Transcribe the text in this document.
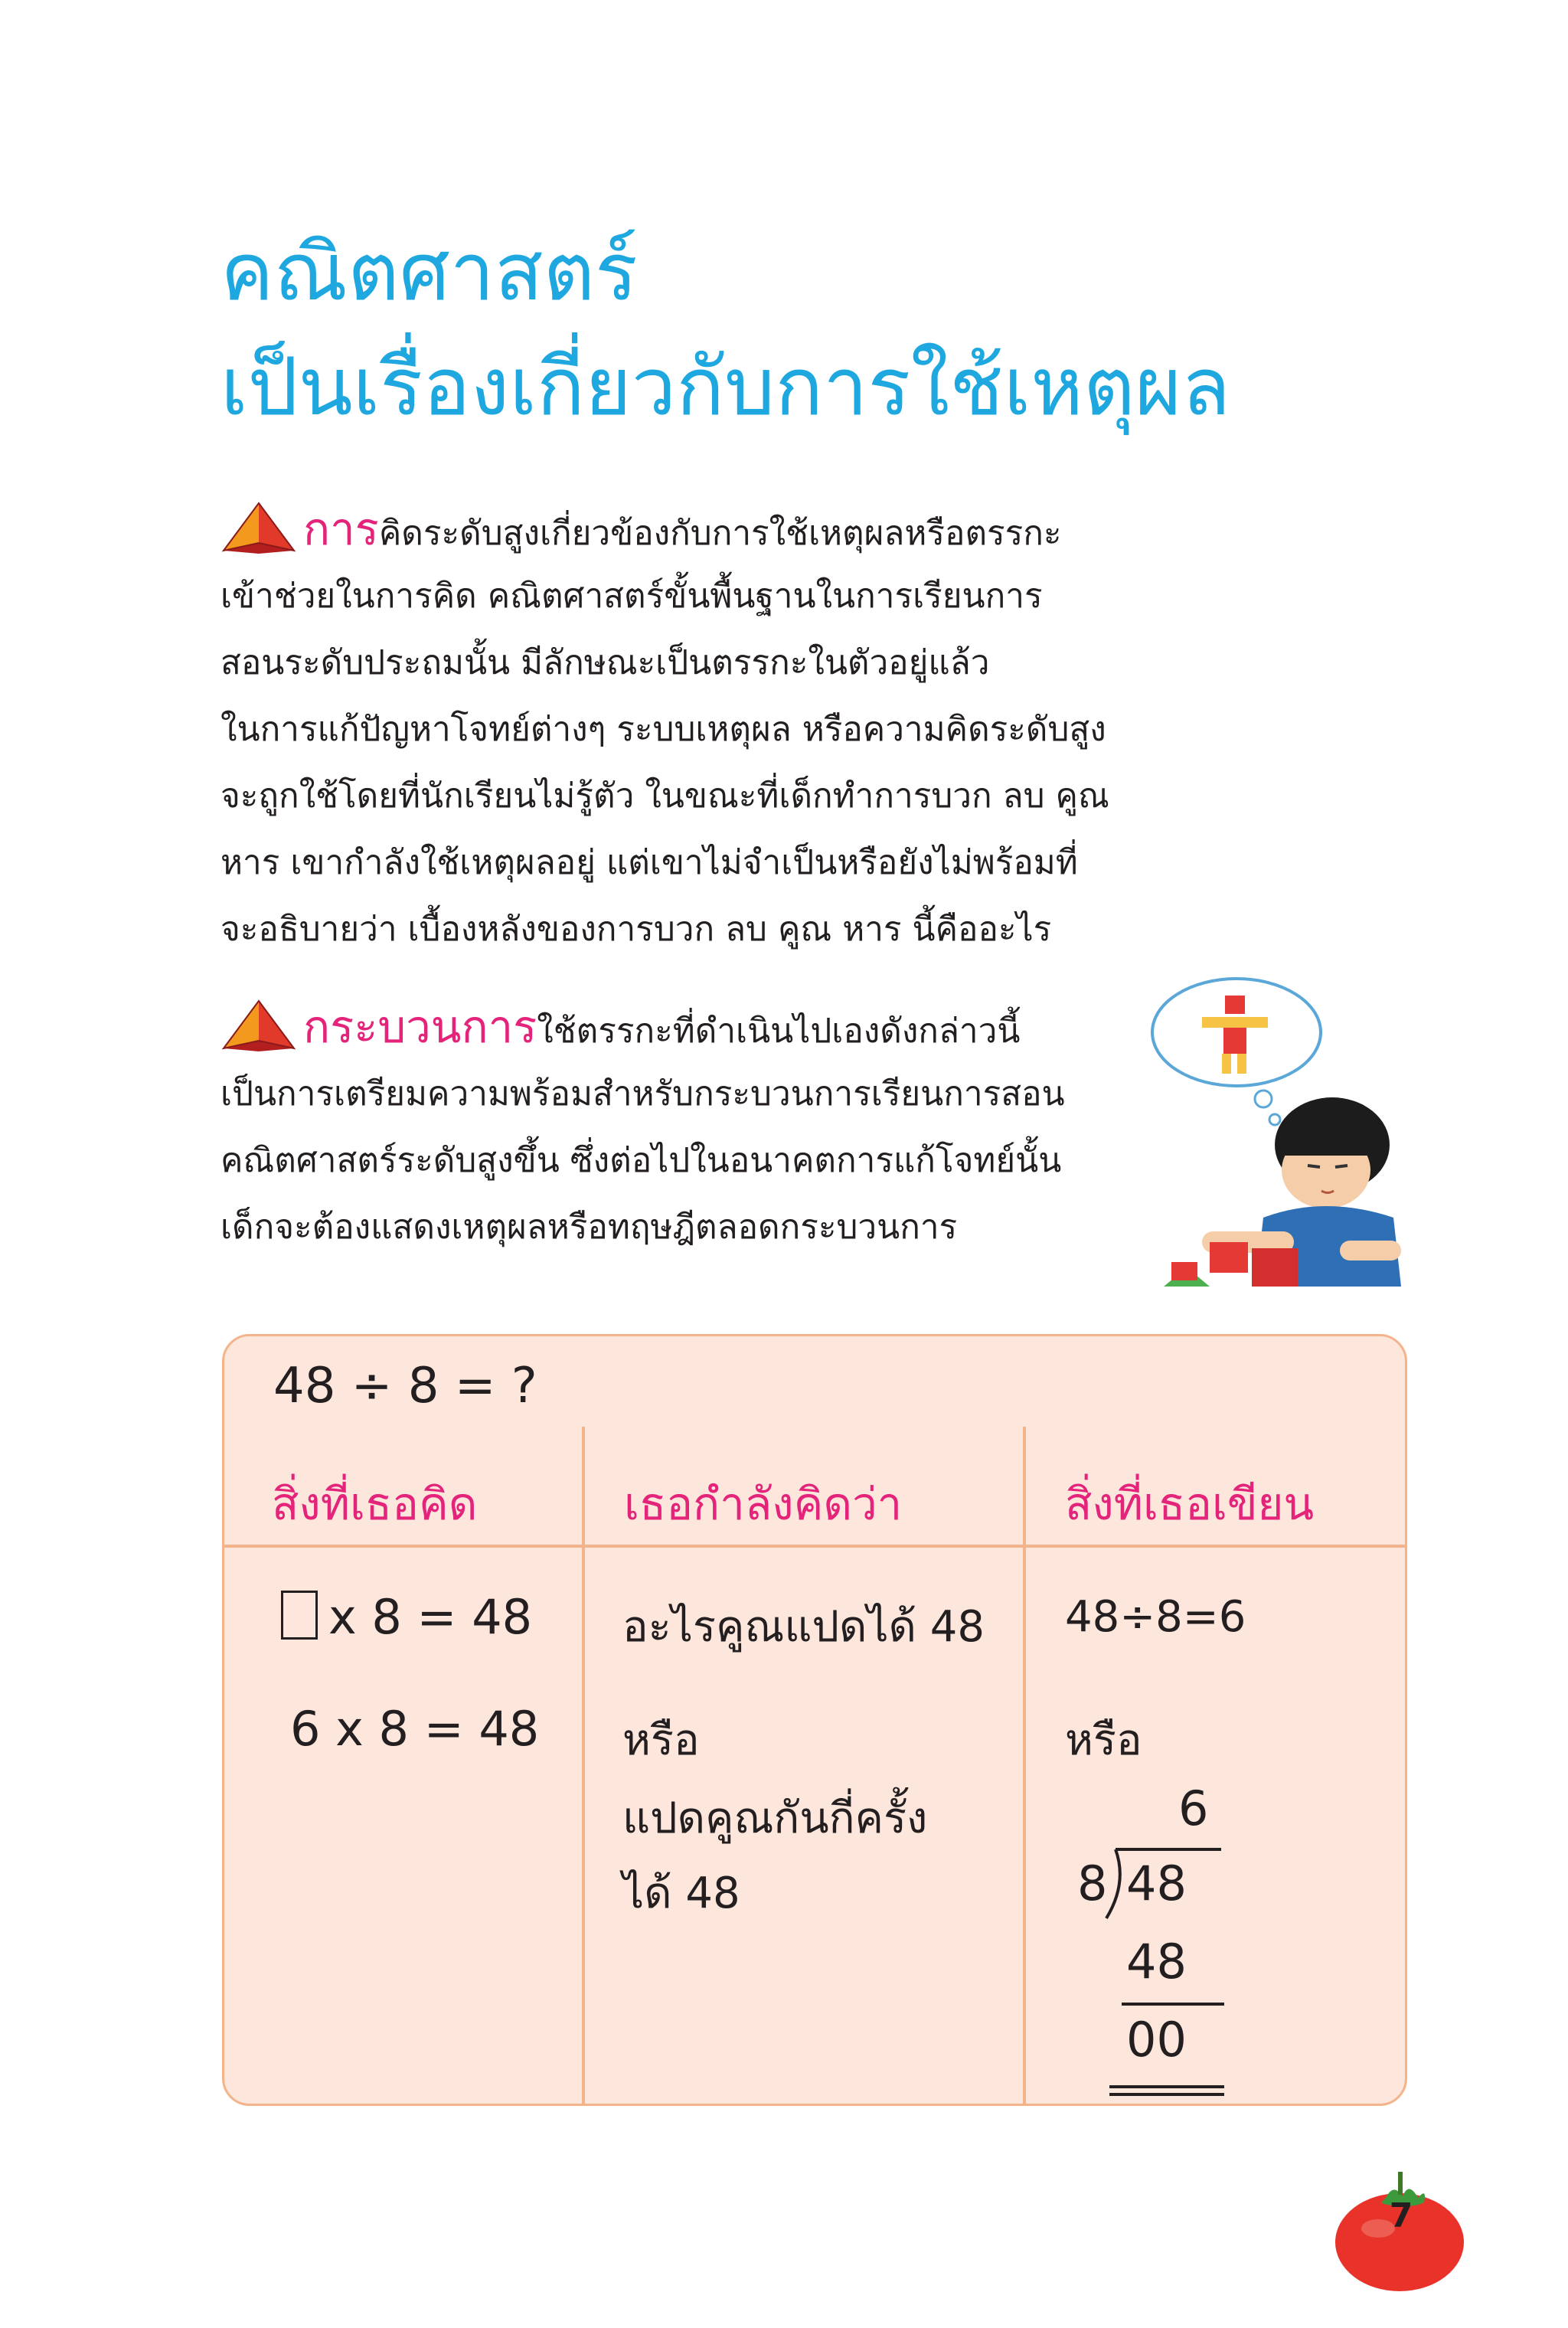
คณิตศาสตร์
เป็นเรื่องเกี่ยวกับการใช้เหตุผล
การคิดระดับสูงเกี่ยวข้องกับการใช้เหตุผลหรือตรรกะ
เข้าช่วยในการคิด คณิตศาสตร์ขั้นพื้นฐานในการเรียนการ
สอนระดับประถมนั้น มีลักษณะเป็นตรรกะในตัวอยู่แล้ว
ในการแก้ปัญหาโจทย์ต่างๆ ระบบเหตุผล หรือความคิดระดับสูง
จะถูกใช้โดยที่นักเรียนไม่รู้ตัว ในขณะที่เด็กทำการบวก ลบ คูณ
หาร เขากำลังใช้เหตุผลอยู่ แต่เขาไม่จำเป็นหรือยังไม่พร้อมที่
จะอธิบายว่า เบื้องหลังของการบวก ลบ คูณ หาร นี้คืออะไร
กระบวนการใช้ตรรกะที่ดำเนินไปเองดังกล่าวนี้
เป็นการเตรียมความพร้อมสำหรับกระบวนการเรียนการสอน
คณิตศาสตร์ระดับสูงขึ้น ซึ่งต่อไปในอนาคตการแก้โจทย์นั้น
เด็กจะต้องแสดงเหตุผลหรือทฤษฎีตลอดกระบวนการ
48 ÷ 8 = ?
สิ่งที่เธอคิด	เธอกำลังคิดว่า	สิ่งที่เธอเขียน
x 8 = 48
6 x 8 = 48
อะไรคูณแปดได้ 48
หรือ
แปดคูณกันกี่ครั้ง
ได้ 48
48÷8=6
หรือ
6
8 48
48
00
7
